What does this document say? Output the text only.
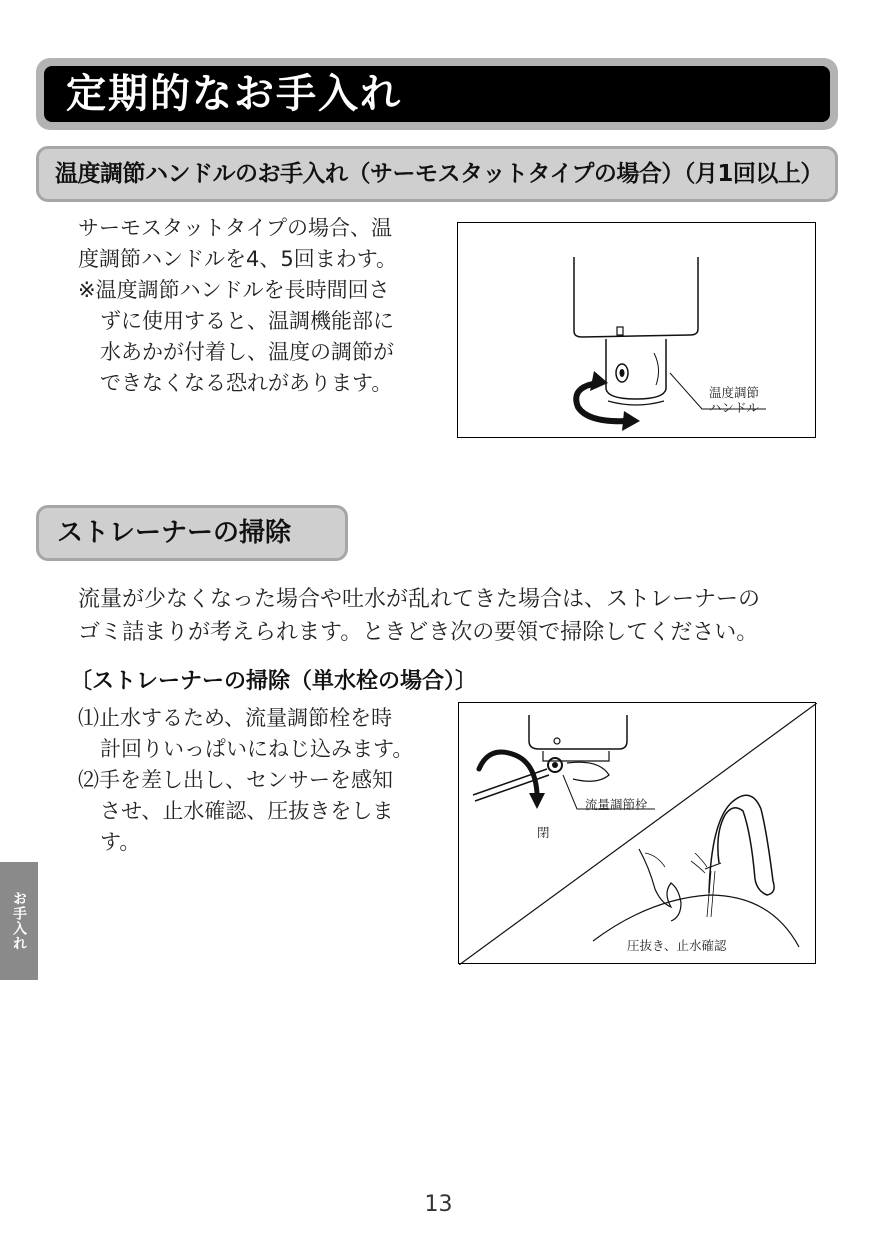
定期的なお手入れ
温度調節ハンドルのお手入れ（サーモスタットタイプの場合）（月1回以上）
サーモスタットタイプの場合、温
度調節ハンドルを4、5回まわす。
※温度調節ハンドルを長時間回さ
ずに使用すると、温調機能部に
水あかが付着し、温度の調節が
できなくなる恐れがあります。	温度調節
ハンドル
ストレーナーの掃除
流量が少なくなった場合や吐水が乱れてきた場合は、ストレーナーの
ゴミ詰まりが考えられます。ときどき次の要領で掃除してください。
〔ストレーナーの掃除（単水栓の場合）〕
⑴止水するため、流量調節栓を時
計回りいっぱいにねじ込みます。
⑵手を差し出し、センサーを感知
させ、止水確認、圧抜きをしま
す。
流量調節栓
閉
圧抜き、止水確認
お手入れ
13
